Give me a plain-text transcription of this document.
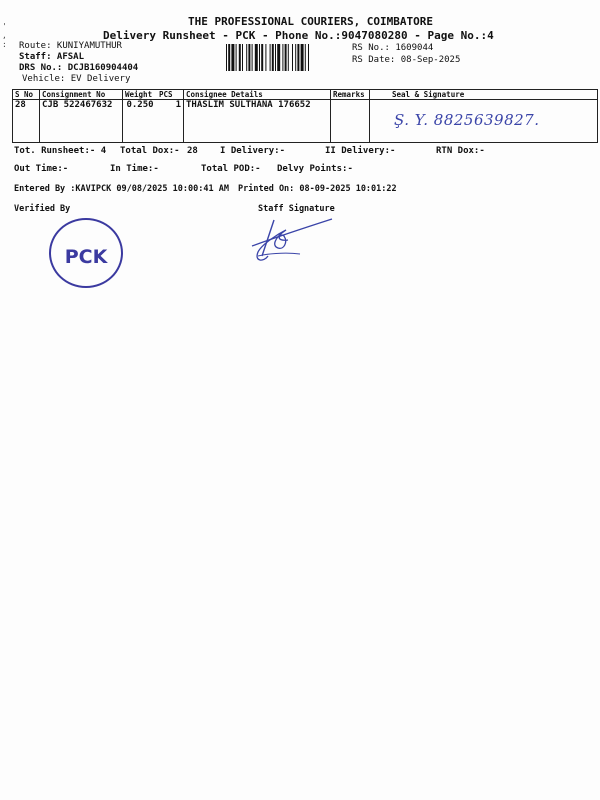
'
,
:
THE PROFESSIONAL COURIERS, COIMBATORE
Delivery Runsheet - PCK - Phone No.:9047080280 - Page No.:4
Route: KUNIYAMUTHUR
Staff: AFSAL
DRS No.: DCJB160904404
Vehicle: EV Delivery
RS No.: 1609044
RS Date: 08-Sep-2025
S No	Consignment No	Weight	PCS	Consignee Details	Remarks	Seal & Signature
28	CJB 522467632	0.250	1	THASLIM SULTHANA 176652		Ş. Y. 8825639827.
Tot. Runsheet:- 4 Total Dox:- 28 I Delivery:-	II Delivery:-	RTN Dox:-
Out Time:-	In Time:-	Total POD:- Delvy Points:-
Entered By :KAVIPCK 09/08/2025 10:00:41 AM Printed On: 08-09-2025 10:01:22
Verified By	Staff Signature
PCK
